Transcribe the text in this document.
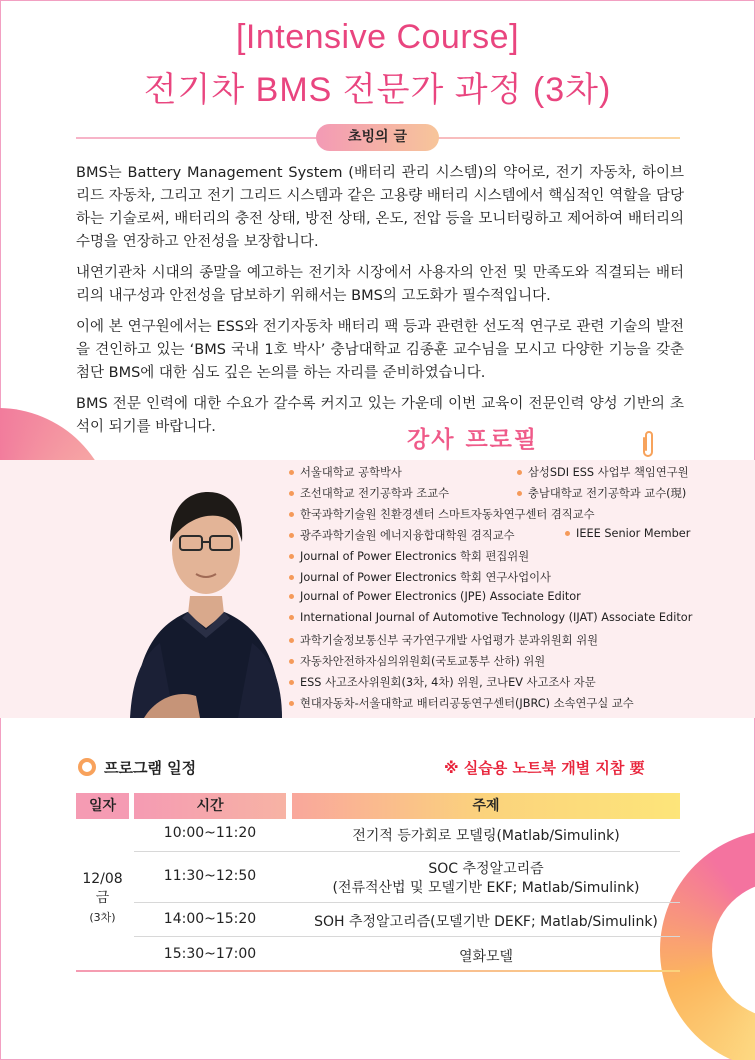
[Intensive Course]
전기차 BMS 전문가 과정 (3차)
초빙의 글

BMS는 Battery Management System (배터리 관리 시스템)의 약어로, 전기 자동차, 하이브리드 자동차, 그리고 전기 그리드 시스템과 같은 고용량 배터리 시스템에서 핵심적인 역할을 담당하는 기술로써, 배터리의 충전 상태, 방전 상태, 온도, 전압 등을 모니터링하고 제어하여 배터리의 수명을 연장하고 안전성을 보장합니다.

내연기관차 시대의 종말을 예고하는 전기차 시장에서 사용자의 안전 및 만족도와 직결되는 배터리의 내구성과 안전성을 담보하기 위해서는 BMS의 고도화가 필수적입니다.

이에 본 연구원에서는 ESS와 전기자동차 배터리 팩 등과 관련한 선도적 연구로 관련 기술의 발전을 견인하고 있는 ‘BMS 국내 1호 박사’ 충남대학교 김종훈 교수님을 모시고 다양한 기능을 갖춘 첨단 BMS에 대한 심도 깊은 논의를 하는 자리를 준비하였습니다.

BMS 전문 인력에 대한 수요가 갈수록 커지고 있는 가운데 이번 교육이 전문인력 양성 기반의 초석이 되기를 바랍니다.	강사 프로필
서울대학교 공학박사	삼성SDI ESS 사업부 책임연구원
조선대학교 전기공학과 조교수	충남대학교 전기공학과 교수(現)
한국과학기술원 친환경센터 스마트자동차연구센터 겸직교수
광주과학기술원 에너지융합대학원 겸직교수	IEEE Senior Member
Journal of Power Electronics 학회 편집위원
Journal of Power Electronics 학회 연구사업이사
Journal of Power Electronics (JPE) Associate Editor
International Journal of Automotive Technology (IJAT) Associate Editor
과학기술정보통신부 국가연구개발 사업평가 분과위원회 위원
자동차안전하자심의위원회(국토교통부 산하) 위원
ESS 사고조사위원회(3차, 4차) 위원, 코나EV 사고조사 자문
현대자동차-서울대학교 배터리공동연구센터(JBRC) 소속연구실 교수
프로그램 일정	※ 실습용 노트북 개별 지참 要
일자	시간	주제
12/08
금
(3차)
10:00~11:20	전기적 등가회로 모델링(Matlab/Simulink)
11:30~12:50	SOC 추정알고리즘
(전류적산법 및 모델기반 EKF; Matlab/Simulink)
14:00~15:20	SOH 추정알고리즘(모델기반 DEKF; Matlab/Simulink)
15:30~17:00	열화모델
